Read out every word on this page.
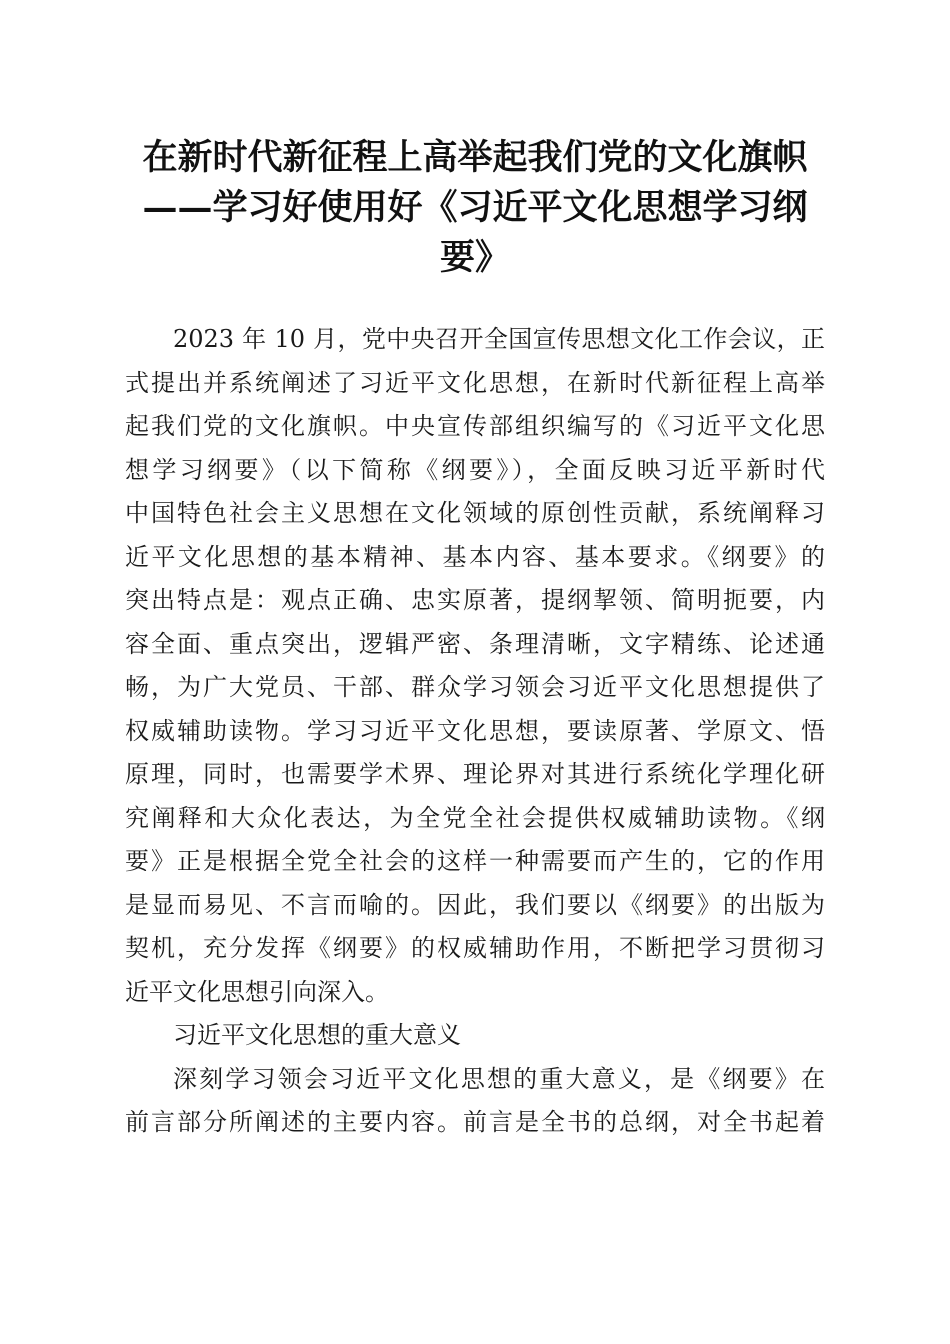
在新时代新征程上高举起我们党的文化旗帜
——学习好使用好《习近平文化思想学习纲
要》
2023 年 10 月，党中央召开全国宣传思想文化工作会议，正
式提出并系统阐述了习近平文化思想，在新时代新征程上高举
起我们党的文化旗帜。中央宣传部组织编写的《习近平文化思
想学习纲要》（以下简称《纲要》），全面反映习近平新时代
中国特色社会主义思想在文化领域的原创性贡献，系统阐释习
近平文化思想的基本精神、基本内容、基本要求。《纲要》的
突出特点是：观点正确、忠实原著，提纲挈领、简明扼要，内
容全面、重点突出，逻辑严密、条理清晰，文字精练、论述通
畅，为广大党员、干部、群众学习领会习近平文化思想提供了
权威辅助读物。学习习近平文化思想，要读原著、学原文、悟
原理，同时，也需要学术界、理论界对其进行系统化学理化研
究阐释和大众化表达，为全党全社会提供权威辅助读物。《纲
要》正是根据全党全社会的这样一种需要而产生的，它的作用
是显而易见、不言而喻的。因此，我们要以《纲要》的出版为
契机，充分发挥《纲要》的权威辅助作用，不断把学习贯彻习
近平文化思想引向深入。
习近平文化思想的重大意义
深刻学习领会习近平文化思想的重大意义，是《纲要》在
前言部分所阐述的主要内容。前言是全书的总纲，对全书起着
